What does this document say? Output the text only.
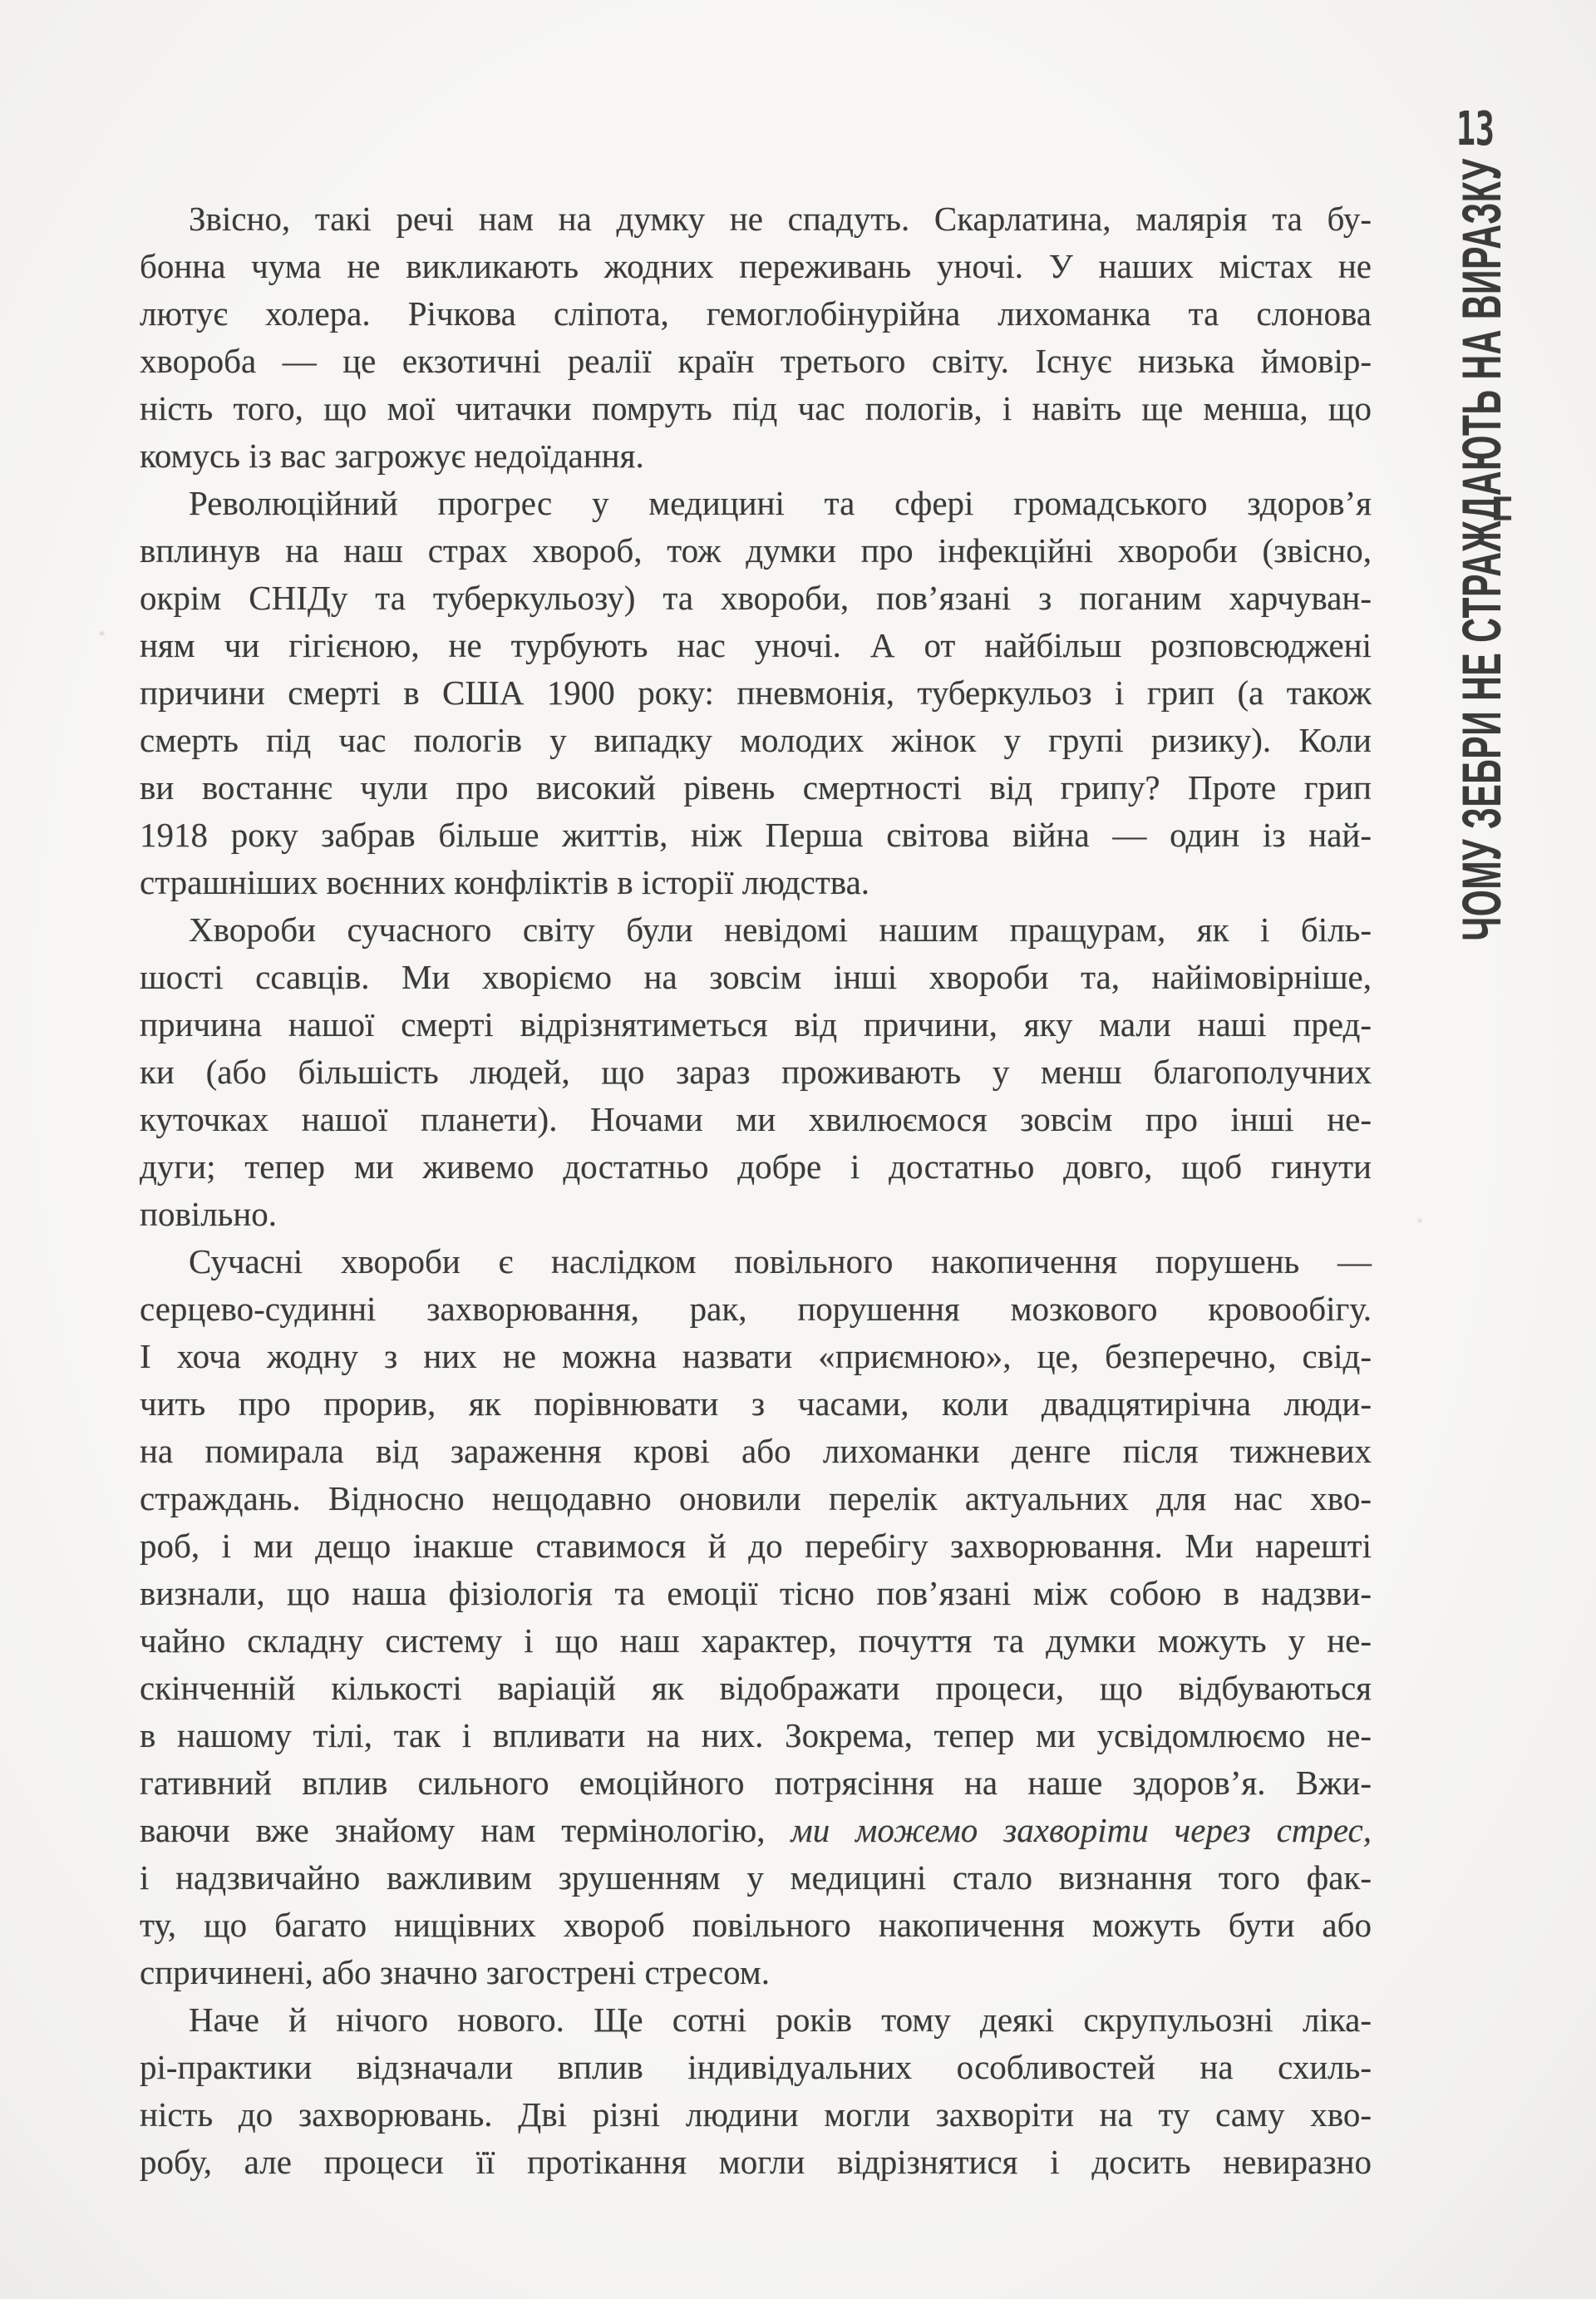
13
ЧОМУ ЗЕБРИ НЕ СТРАЖДАЮТЬ НА ВИРАЗКУ
Звісно, такі речі нам на думку не спадуть. Скарлатина, малярія та бу-
бонна чума не викликають жодних переживань уночі. У наших містах не
лютує холера. Річкова сліпота, гемоглобінурійна лихоманка та слонова
хвороба — це екзотичні реалії країн третього світу. Існує низька ймовір-
ність того, що мої читачки помруть під час пологів, і навіть ще менша, що
комусь із вас загрожує недоїдання.
Революційний прогрес у медицині та сфері громадського здоров’я
вплинув на наш страх хвороб, тож думки про інфекційні хвороби (звісно,
окрім СНІДу та туберкульозу) та хвороби, пов’язані з поганим харчуван-
ням чи гігієною, не турбують нас уночі. А от найбільш розповсюджені
причини смерті в США 1900 року: пневмонія, туберкульоз і грип (а також
смерть під час пологів у випадку молодих жінок у групі ризику). Коли
ви востаннє чули про високий рівень смертності від грипу? Проте грип
1918 року забрав більше життів, ніж Перша світова війна — один із най-
страшніших воєнних конфліктів в історії людства.
Хвороби сучасного світу були невідомі нашим пращурам, як і біль-
шості ссавців. Ми хворіємо на зовсім інші хвороби та, найімовірніше,
причина нашої смерті відрізнятиметься від причини, яку мали наші пред-
ки (або більшість людей, що зараз проживають у менш благополучних
куточках нашої планети). Ночами ми хвилюємося зовсім про інші не-
дуги; тепер ми живемо достатньо добре і достатньо довго, щоб гинути
повільно.
Сучасні хвороби є наслідком повільного накопичення порушень —
серцево-судинні захворювання, рак, порушення мозкового кровообігу.
І хоча жодну з них не можна назвати «приємною», це, безперечно, свід-
чить про прорив, як порівнювати з часами, коли двадцятирічна люди-
на помирала від зараження крові або лихоманки денге після тижневих
страждань. Відносно нещодавно оновили перелік актуальних для нас хво-
роб, і ми дещо інакше ставимося й до перебігу захворювання. Ми нарешті
визнали, що наша фізіологія та емоції тісно пов’язані між собою в надзви-
чайно складну систему і що наш характер, почуття та думки можуть у не-
скінченній кількості варіацій як відображати процеси, що відбуваються
в нашому тілі, так і впливати на них. Зокрема, тепер ми усвідомлюємо не-
гативний вплив сильного емоційного потрясіння на наше здоров’я. Вжи-
ваючи вже знайому нам термінологію, ми можемо захворіти через стрес,
і надзвичайно важливим зрушенням у медицині стало визнання того фак-
ту, що багато нищівних хвороб повільного накопичення можуть бути або
спричинені, або значно загострені стресом.
Наче й нічого нового. Ще сотні років тому деякі скрупульозні ліка-
рі-практики відзначали вплив індивідуальних особливостей на схиль-
ність до захворювань. Дві різні людини могли захворіти на ту саму хво-
робу, але процеси її протікання могли відрізнятися і досить невиразно
